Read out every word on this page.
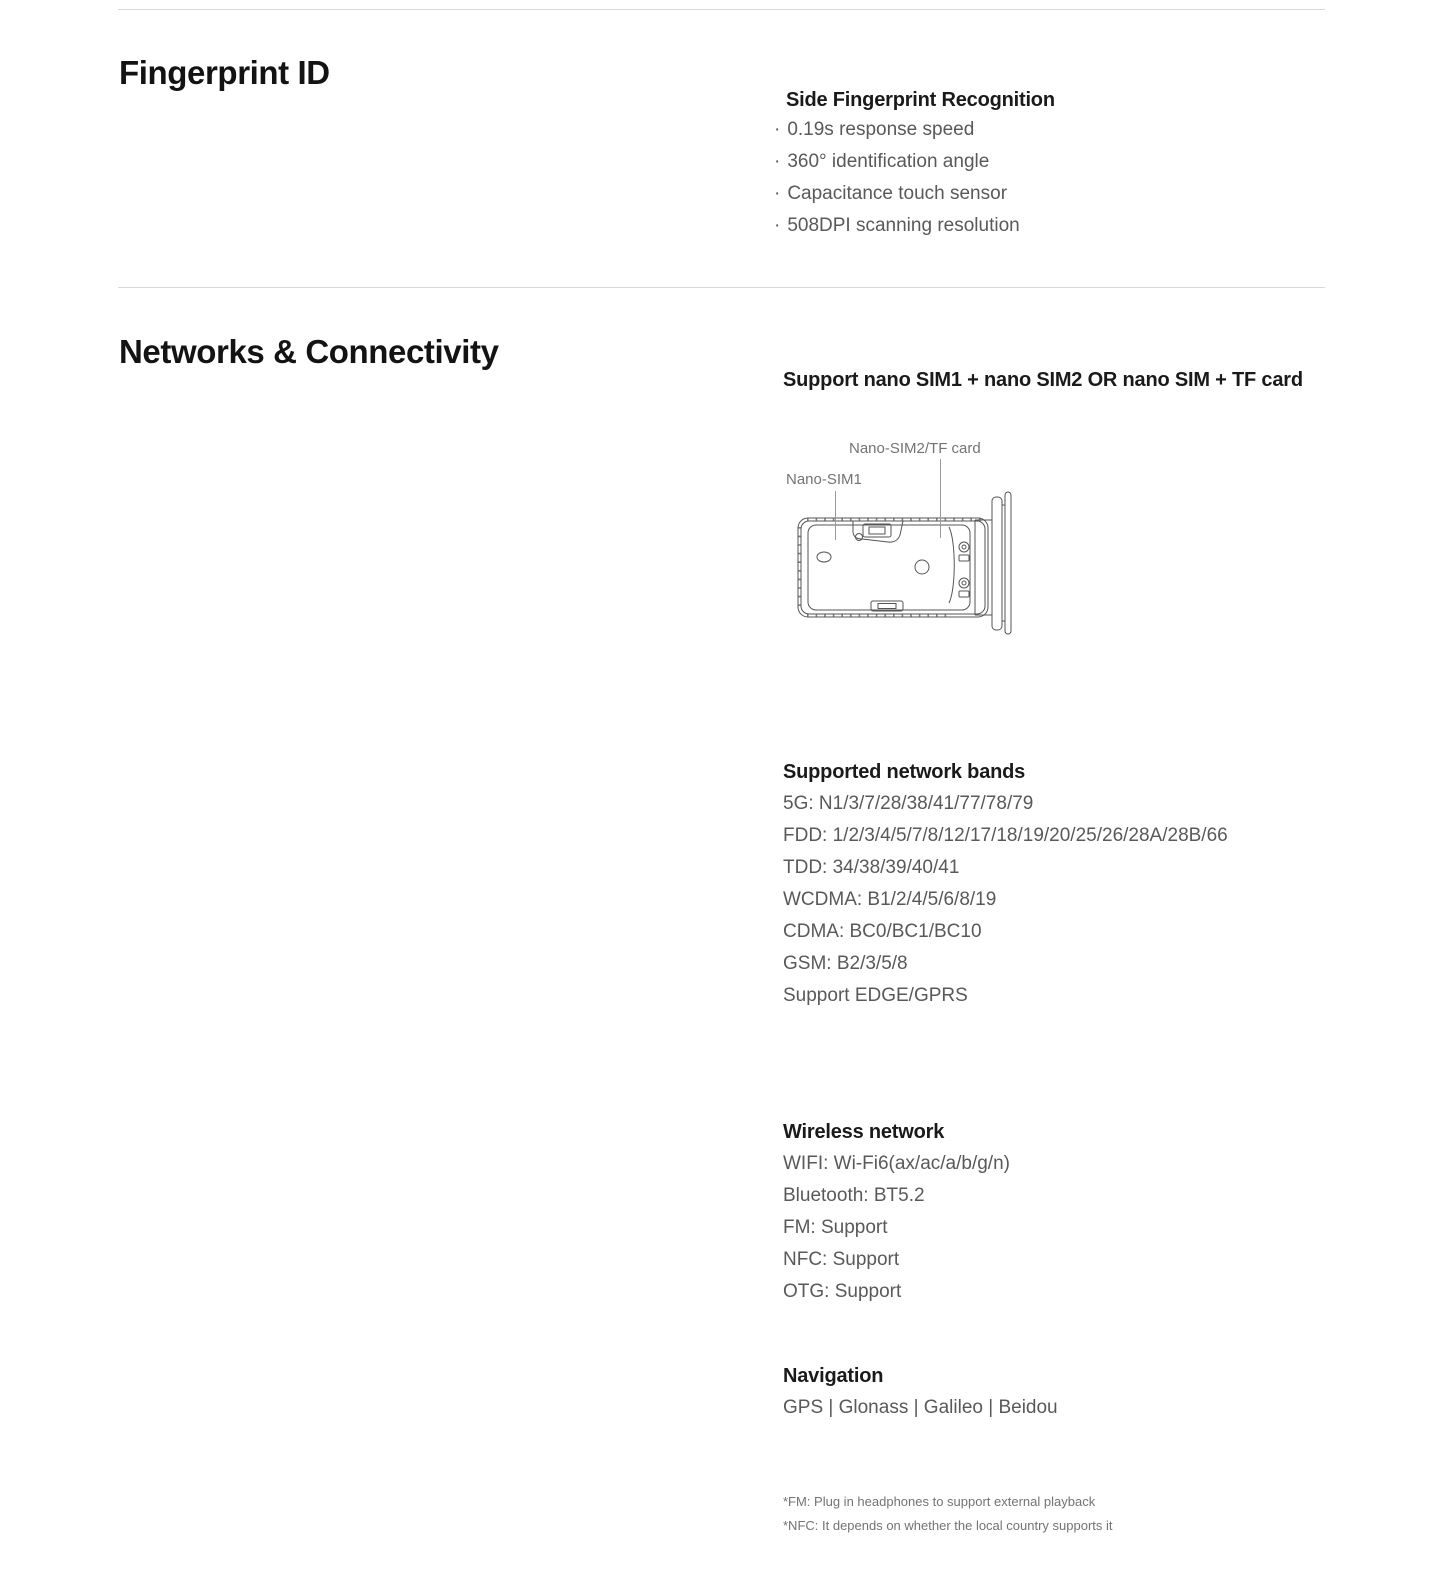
Fingerprint ID
Side Fingerprint Recognition
· 0.19s response speed
· 360° identification angle
· Capacitance touch sensor
· 508DPI scanning resolution
Networks & Connectivity
Support nano SIM1 + nano SIM2 OR nano SIM + TF card
Nano-SIM2/TF card
Nano-SIM1
Supported network bands
5G: N1/3/7/28/38/41/77/78/79
FDD: 1/2/3/4/5/7/8/12/17/18/19/20/25/26/28A/28B/66
TDD: 34/38/39/40/41
WCDMA: B1/2/4/5/6/8/19
CDMA: BC0/BC1/BC10
GSM: B2/3/5/8
Support EDGE/GPRS
Wireless network
WIFI: Wi-Fi6(ax/ac/a/b/g/n)
Bluetooth: BT5.2
FM: Support
NFC: Support
OTG: Support
Navigation
GPS | Glonass | Galileo | Beidou
*FM: Plug in headphones to support external playback
*NFC: It depends on whether the local country supports it
